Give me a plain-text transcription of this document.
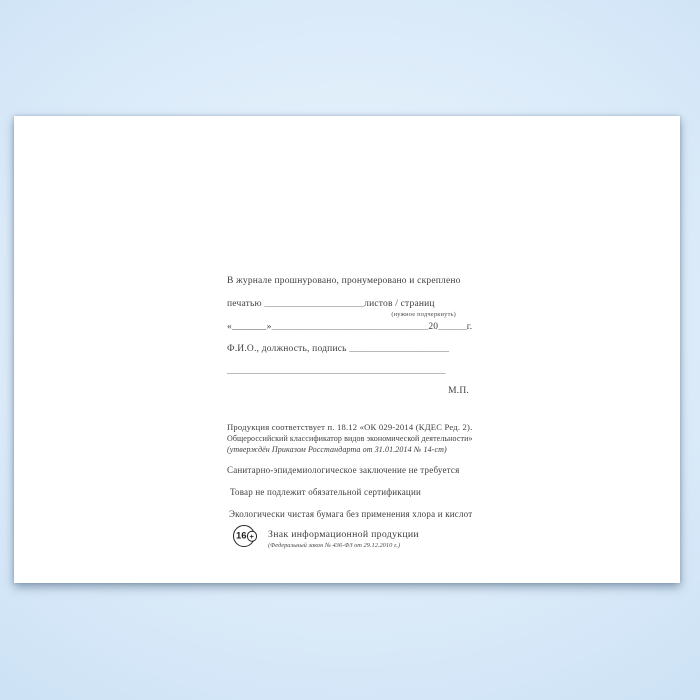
В журнале прошнуровано, пронумеровано и скреплено
печатью _____________________листов / страниц
(нужное подчеркнуть)
«_______»_________________________________20______г.
Ф.И.О., должность, подпись _____________________
______________________________________________
М.П.
Продукция соответствует п. 18.12 «ОК 029-2014 (КДЕС Ред. 2).
Общероссийский классификатор видов экономической деятельности»
(утверждён Приказом Росстандарта от 31.01.2014 № 14-ст)
Санитарно-эпидемиологическое заключение не требуется
Товар не подлежит обязательной сертификации
Экологически чистая бумага без применения хлора и кислот
16 +	Знак информационной продукции
(Федеральный закон № 436-ФЗ от 29.12.2010 г.)
